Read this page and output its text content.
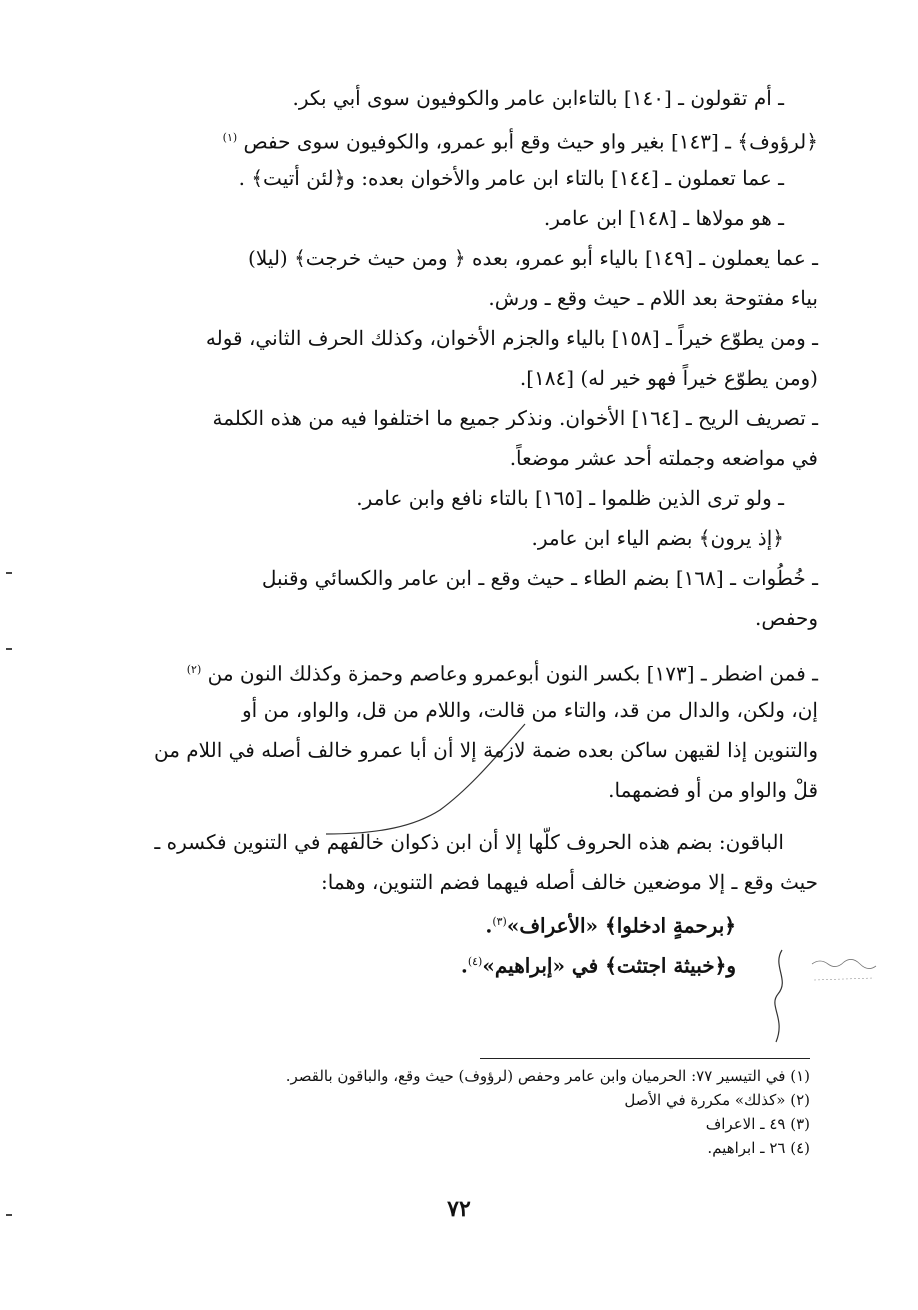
ـ أم تقولون ـ [١٤٠] بالتاءابن عامر والكوفيون سوى أبي بكر.
﴿لرؤوف﴾ ـ [١٤٣] بغير واو حيث وقع أبو عمرو، والكوفيون سوى حفص $^{(١)}$
ـ عما تعملون ـ [١٤٤] بالتاء ابن عامر والأخوان بعده: و﴿لئن أتيت﴾ .
ـ هو مولاها ـ [١٤٨] ابن عامر.
ـ عما يعملون ـ [١٤٩] بالياء أبو عمرو، بعده ﴿ ومن حيث خرجت﴾ (ليلا)
بياء مفتوحة بعد اللام ـ حيث وقع ـ ورش.
ـ ومن يطوّع خيراً ـ [١٥٨] بالياء والجزم الأخوان، وكذلك الحرف الثاني، قوله
(ومن يطوّع خيراً فهو خير له) [١٨٤].
ـ تصريف الريح ـ [١٦٤] الأخوان. ونذكر جميع ما اختلفوا فيه من هذه الكلمة
في مواضعه وجملته أحد عشر موضعاً.
ـ ولو ترى الذين ظلموا ـ [١٦٥] بالتاء نافع وابن عامر.
﴿إذ يرون﴾ بضم الياء ابن عامر.
ـ خُطُوات ـ [١٦٨] بضم الطاء ـ حيث وقع ـ ابن عامر والكسائي وقنبل
وحفص.
ـ فمن اضطر ـ [١٧٣] بكسر النون أبوعمرو وعاصم وحمزة وكذلك النون من $^{(٢)}$
إن، ولكن، والدال من قد، والتاء من قالت، واللام من قل، والواو، من أو
والتنوين إذا لقيهن ساكن بعده ضمة لازمة إلا أن أبا عمرو خالف أصله في اللام من
قلْ والواو من أو فضمهما.
الباقون: بضم هذه الحروف كلّها إلا أن ابن ذكوان خالفهم في التنوين فكسره ـ
حيث وقع ـ إلا موضعين خالف أصله فيهما فضم التنوين، وهما:
﴿برحمةٍ ادخلوا﴾ «الأعراف»$^{(٣)}$.
و﴿خبيثة اجتثت﴾ في «إبراهيم»$^{(٤)}$.
(١) في التيسير ٧٧: الحرميان وابن عامر وحفص (لرؤوف) حيث وقع، والباقون بالقصر.
(٢) «كذلك» مكررة في الأصل
(٣) ٤٩ ـ الاعراف
(٤) ٢٦ ـ ابراهيم.
٧٢
